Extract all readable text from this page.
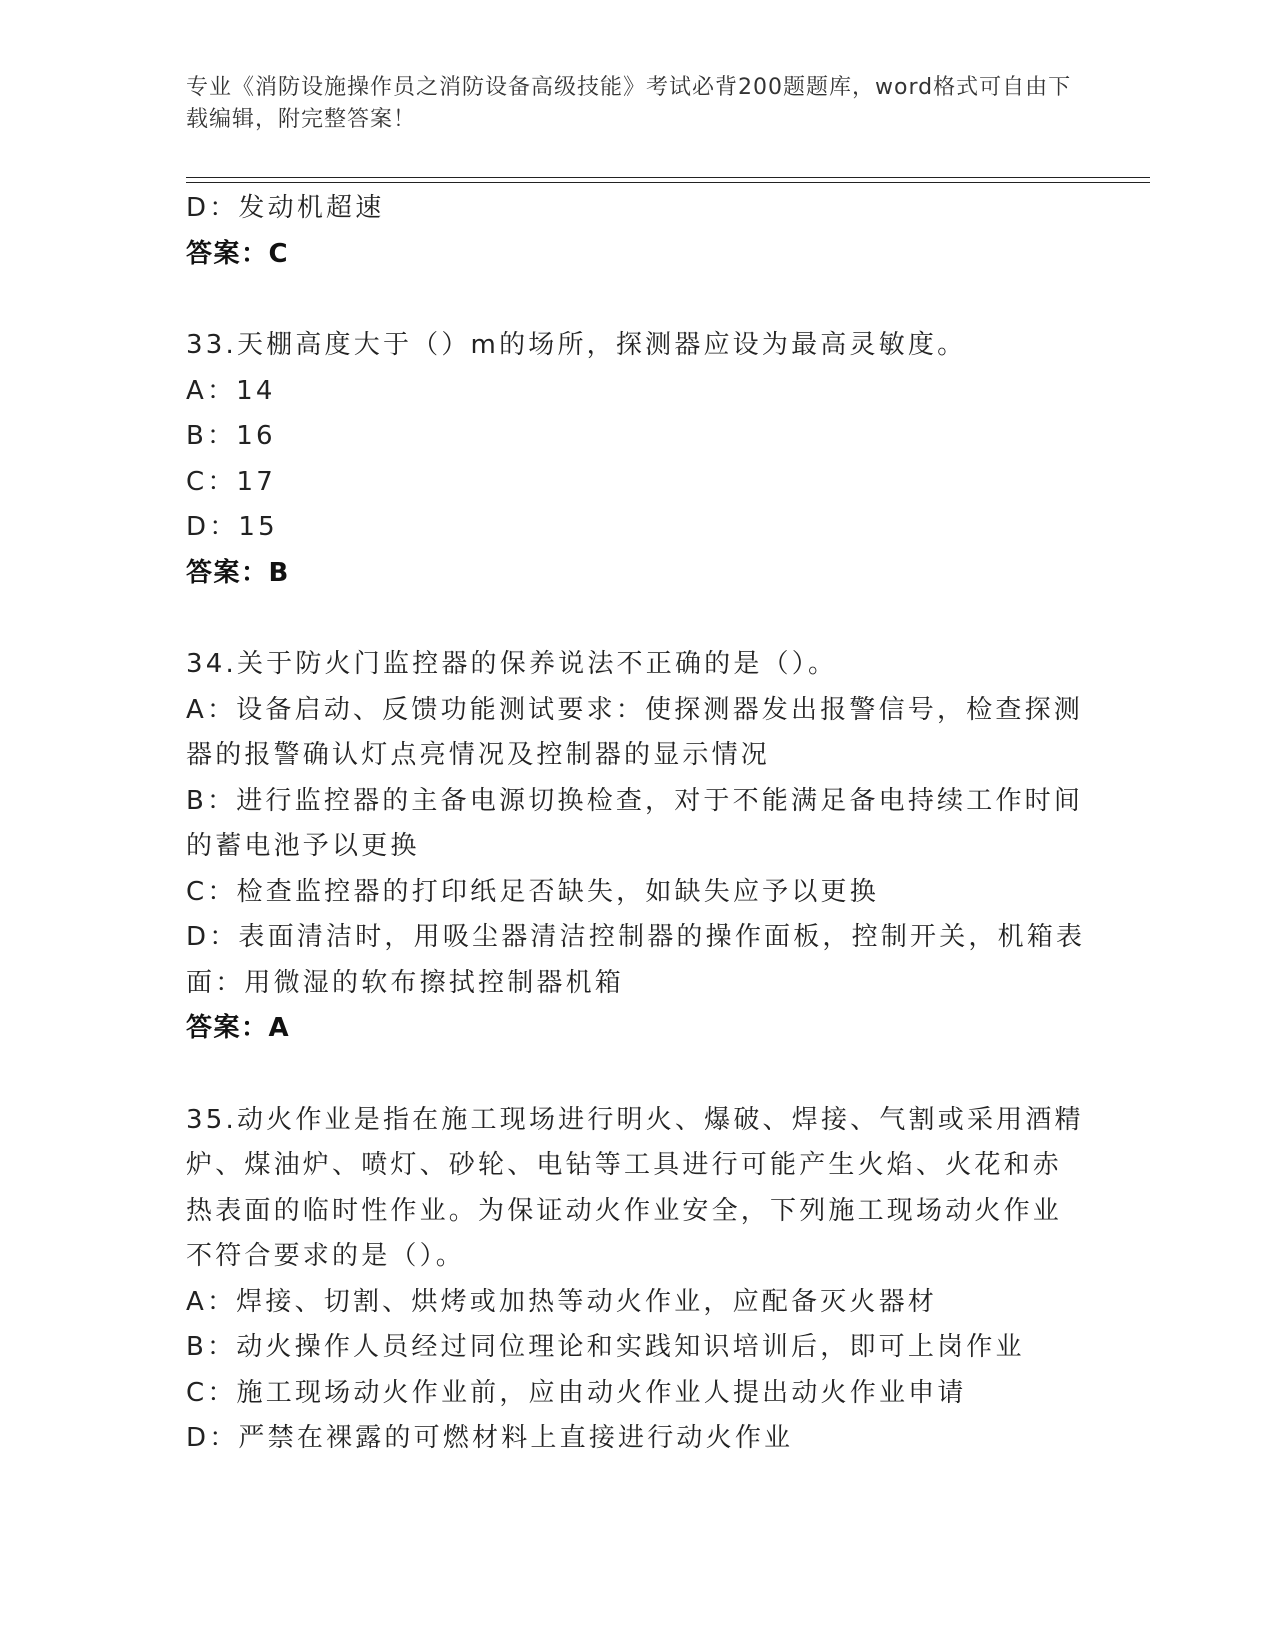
专业《消防设施操作员之消防设备高级技能》考试必背200题题库，word格式可自由下载编辑，附完整答案！
D：发动机超速
答案：C
33.天棚高度大于（）m的场所，探测器应设为最高灵敏度。
A：14
B：16
C：17
D：15
答案：B
34.关于防火门监控器的保养说法不正确的是（）。
A：设备启动、反馈功能测试要求：使探测器发出报警信号，检查探测器的报警确认灯点亮情况及控制器的显示情况
B：进行监控器的主备电源切换检查，对于不能满足备电持续工作时间的蓄电池予以更换
C：检查监控器的打印纸足否缺失，如缺失应予以更换
D：表面清洁时，用吸尘器清洁控制器的操作面板，控制开关，机箱表面：用微湿的软布擦拭控制器机箱
答案：A
35.动火作业是指在施工现场进行明火、爆破、焊接、气割或采用酒精炉、煤油炉、喷灯、砂轮、电钻等工具进行可能产生火焰、火花和赤热表面的临时性作业。为保证动火作业安全，下列施工现场动火作业不符合要求的是（）。
A：焊接、切割、烘烤或加热等动火作业，应配备灭火器材
B：动火操作人员经过同位理论和实践知识培训后，即可上岗作业
C：施工现场动火作业前，应由动火作业人提出动火作业申请
D：严禁在裸露的可燃材料上直接进行动火作业
